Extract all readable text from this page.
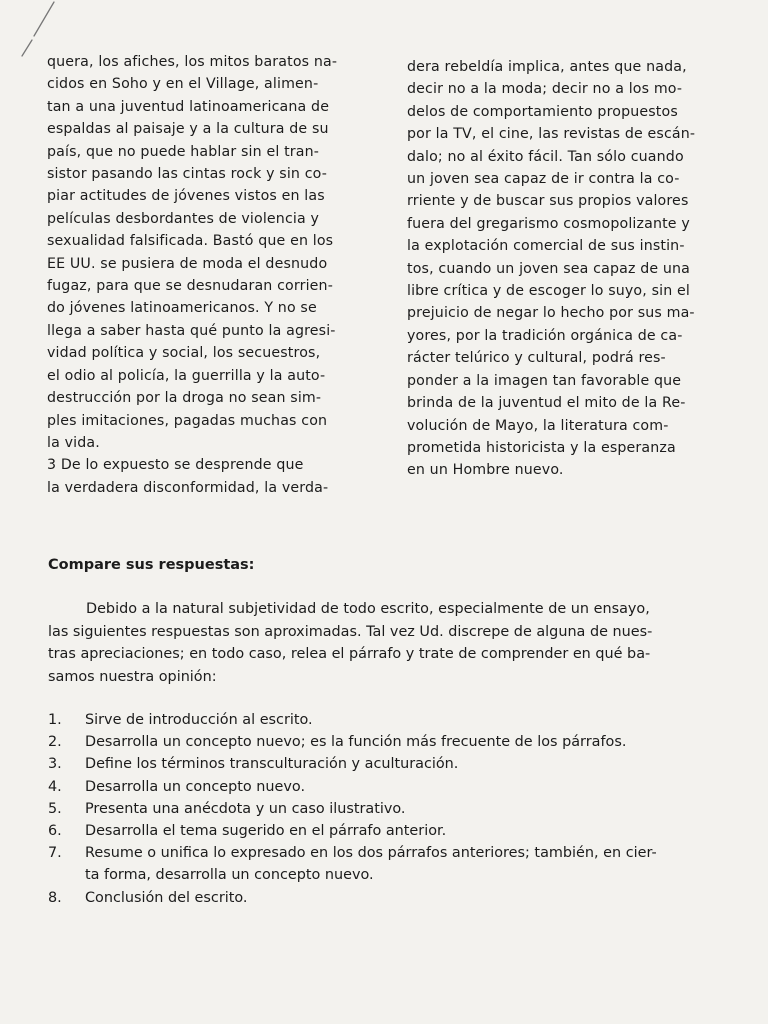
quera, los afiches, los mitos baratos na-
cidos en Soho y en el Village, alimen-
tan a una juventud latinoamericana de
espaldas al paisaje y a la cultura de su
país, que no puede hablar sin el tran-
sistor pasando las cintas rock y sin co-
piar actitudes de jóvenes vistos en las
películas desbordantes de violencia y
sexualidad falsificada. Bastó que en los
EE UU. se pusiera de moda el desnudo
fugaz, para que se desnudaran corrien-
do jóvenes latinoamericanos. Y no se
llega a saber hasta qué punto la agresi-
vidad política y social, los secuestros,
el odio al policía, la guerrilla y la auto-
destrucción por la droga no sean sim-
ples imitaciones, pagadas muchas con
la vida.
3 De lo expuesto se desprende que
la verdadera disconformidad, la verda-
dera rebeldía implica, antes que nada,
decir no a la moda; decir no a los mo-
delos de comportamiento propuestos
por la TV, el cine, las revistas de escán-
dalo; no al éxito fácil. Tan sólo cuando
un joven sea capaz de ir contra la co-
rriente y de buscar sus propios valores
fuera del gregarismo cosmopolizante y
la explotación comercial de sus instin-
tos, cuando un joven sea capaz de una
libre crítica y de escoger lo suyo, sin el
prejuicio de negar lo hecho por sus ma-
yores, por la tradición orgánica de ca-
rácter telúrico y cultural, podrá res-
ponder a la imagen tan favorable que
brinda de la juventud el mito de la Re-
volución de Mayo, la literatura com-
prometida historicista y la esperanza
en un Hombre nuevo.
Compare sus respuestas:
Debido a la natural subjetividad de todo escrito, especialmente de un ensayo,
las siguientes respuestas son aproximadas. Tal vez Ud. discrepe de alguna de nues-
tras apreciaciones; en todo caso, relea el párrafo y trate de comprender en qué ba-
samos nuestra opinión:
1.	Sirve de introducción al escrito.
2.	Desarrolla un concepto nuevo; es la función más frecuente de los párrafos.
3.	Define los términos transculturación y aculturación.
4.	Desarrolla un concepto nuevo.
5.	Presenta una anécdota y un caso ilustrativo.
6.	Desarrolla el tema sugerido en el párrafo anterior.
7.	Resume o unifica lo expresado en los dos párrafos anteriores; también, en cier-
ta forma, desarrolla un concepto nuevo.
8.	Conclusión del escrito.
